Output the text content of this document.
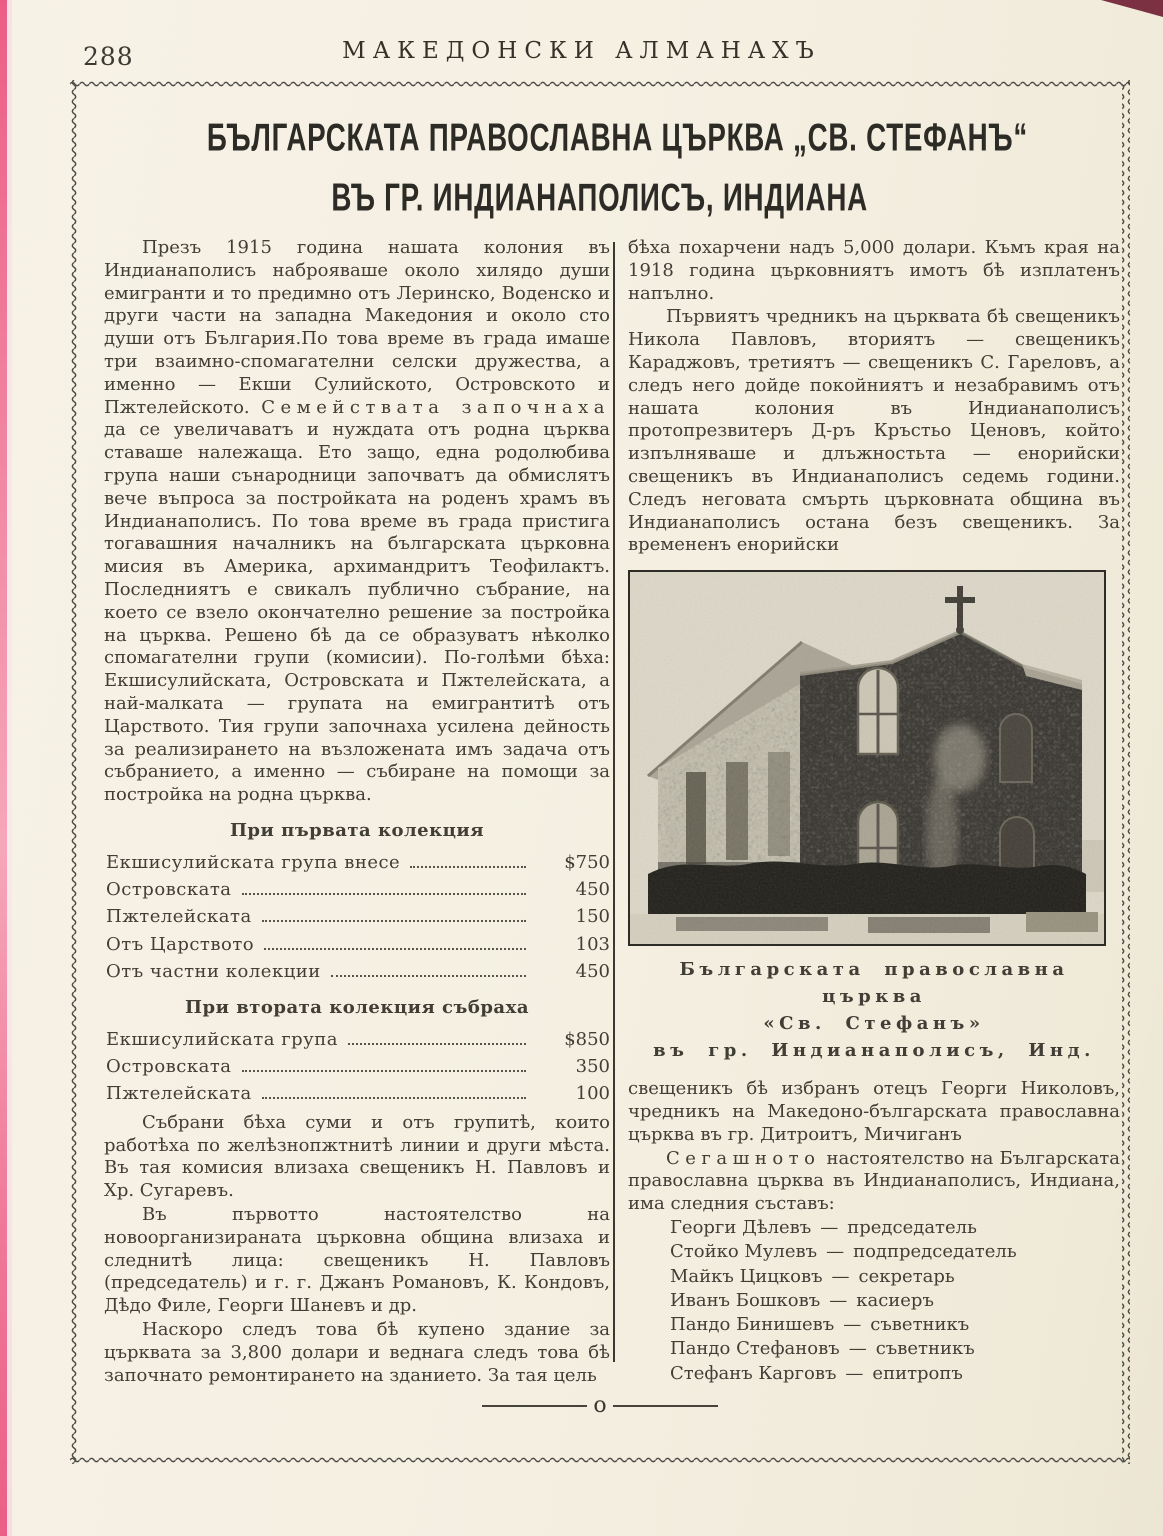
288	МАКЕДОНСКИ АЛМАНАХЪ
БЪЛГАРСКАТА ПРАВОСЛАВНА ЦЪРКВА „СВ. СТЕФАНЪ“
ВЪ ГР. ИНДИАНАПОЛИСЪ, ИНДИАНА

Презъ 1915 година нашата колония въ Индианаполисъ наброяваше около хилядо души емигранти и то предимно отъ Леринско, Воденско и други части на западна Македония и около сто души отъ България.По това време въ града имаше три взаимно-спомагателни селски дружества, а именно — Екши Сулийското, Островското и Пжтелейското. Семействата започнаха да се увеличаватъ и нуждата отъ родна църква ставаше належаща. Ето защо, една родолюбива група наши сънародници започватъ да обмислятъ вече въпроса за постройката на роденъ храмъ въ Индианаполисъ. По това време въ града пристига тогавашния началникъ на българската църковна мисия въ Америка, архимандритъ Теофилактъ. Последниятъ е свикалъ публично събрание, на което се взело окончателно решение за постройка на църква. Решено бѣ да се образуватъ нѣколко спомагателни групи (комисии). По-голѣми бѣха: Екшисулийската, Островската и Пжтелейската, а най-малката — групата на емигрантитѣ отъ Царството. Тия групи започнаха усилена дейность за реализирането на възложената имъ задача отъ събранието, а именно — събиране на помощи за постройка на родна църква.

При първата колекция

Екшисулийската група внесе	$750
Островската	450
Пжтелейската	150
Отъ Царството	103
Отъ частни колекции	450

При втората колекция събраха

Екшисулийската група	$850
Островската	350
Пжтелейската	100

Събрани бѣха суми и отъ групитѣ, които работѣха по желѣзнопжтнитѣ линии и други мѣста. Въ тая комисия влизаха свещеникъ Н. Павловъ и Хр. Сугаревъ.

Въ първотто настоятелство на новоорганизираната църковна община влизаха и следнитѣ лица: свещеникъ Н. Павловъ (председатель) и г. г. Джанъ Романовъ, К. Кондовъ, Дѣдо Филе, Георги Шаневъ и др.

Наскоро следъ това бѣ купено здание за църквата за 3,800 долари и веднага следъ това бѣ започнато ремонтирането на зданието. За тая цель

бѣха похарчени надъ 5,000 долари. Къмъ края на 1918 година църковниятъ имотъ бѣ изплатенъ напълно.

Първиятъ чредникъ на църквата бѣ свещеникъ Никола Павловъ, вториятъ — свещеникъ Караджовъ, третиятъ — свещеникъ С. Гареловъ, а следъ него дойде покойниятъ и незабравимъ отъ нашата колония въ Индианаполисъ протопрезвитеръ Д-ръ Кръстьо Ценовъ, който изпълняваше и длъжностьта — енорийски свещеникъ въ Индианаполисъ седемь години. Следъ неговата смърть църковната община въ Индианаполисъ остана безъ свещеникъ. За времененъ енорийски

Българската православна църква
«Св. Стефанъ»
въ гр. Индианаполисъ, Инд.

свещеникъ бѣ избранъ отецъ Георги Николовъ, чредникъ на Македоно-българската православна църква въ гр. Дитроитъ, Мичиганъ

Сегашното настоятелство на Българската православна църква въ Индианаполисъ, Индиана, има следния съставъ:

Георги Дѣлевъ — председатель
Стойко Мулевъ — подпредседатель
Майкъ Цицковъ — секретарь
Иванъ Бошковъ — касиеръ
Пандо Бинишевъ — съветникъ
Пандо Стефановъ — съветникъ
Стефанъ Карговъ — епитропъ
о
